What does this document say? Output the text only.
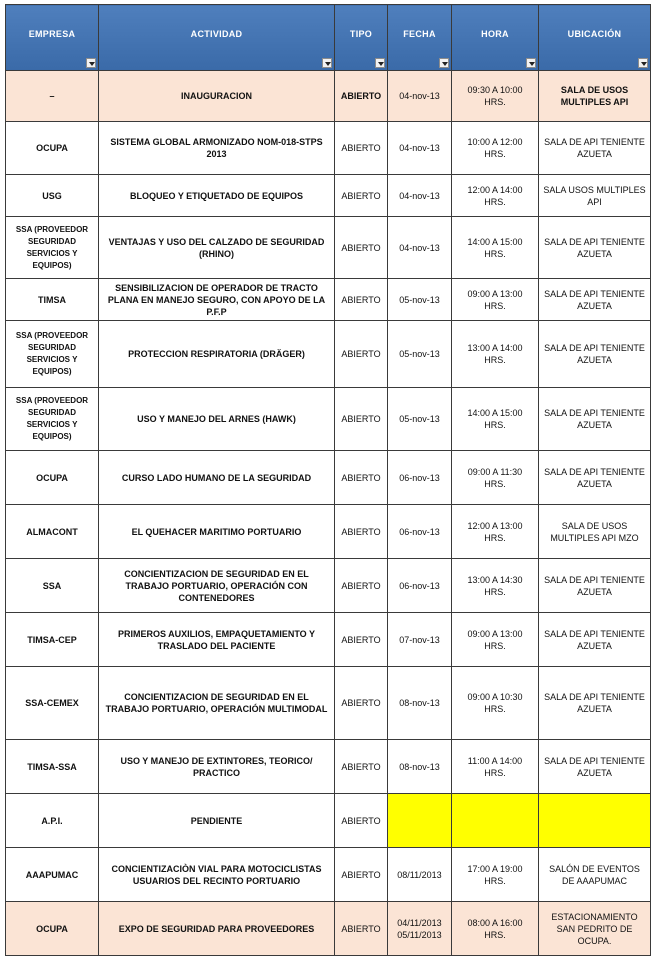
EMPRESA	ACTIVIDAD	TIPO	FECHA	HORA	UBICACIÓN

–	INAUGURACION	ABIERTO	04-nov-13	09:30 A 10:00 HRS.	SALA DE USOS MULTIPLES API
OCUPA	SISTEMA GLOBAL ARMONIZADO NOM-018-STPS 2013	ABIERTO	04-nov-13	10:00 A 12:00 HRS.	SALA DE API TENIENTE AZUETA
USG	BLOQUEO Y ETIQUETADO DE EQUIPOS	ABIERTO	04-nov-13	12:00 A 14:00 HRS.	SALA USOS MULTIPLES API
SSA (PROVEEDOR SEGURIDAD SERVICIOS Y EQUIPOS)	VENTAJAS Y USO DEL CALZADO DE SEGURIDAD (RHINO)	ABIERTO	04-nov-13	14:00 A 15:00 HRS.	SALA DE API TENIENTE AZUETA
TIMSA	SENSIBILIZACION DE OPERADOR DE TRACTO PLANA EN MANEJO SEGURO, CON APOYO DE LA P.F.P	ABIERTO	05-nov-13	09:00 A 13:00 HRS.	SALA DE API TENIENTE AZUETA
SSA (PROVEEDOR SEGURIDAD SERVICIOS Y EQUIPOS)	PROTECCION RESPIRATORIA (DRÄGER)	ABIERTO	05-nov-13	13:00 A 14:00 HRS.	SALA DE API TENIENTE AZUETA
SSA (PROVEEDOR SEGURIDAD SERVICIOS Y EQUIPOS)	USO Y MANEJO DEL ARNES (HAWK)	ABIERTO	05-nov-13	14:00 A 15:00 HRS.	SALA DE API TENIENTE AZUETA
OCUPA	CURSO LADO HUMANO DE LA SEGURIDAD	ABIERTO	06-nov-13	09:00 A 11:30 HRS.	SALA DE API TENIENTE AZUETA
ALMACONT	EL QUEHACER MARITIMO PORTUARIO	ABIERTO	06-nov-13	12:00 A 13:00 HRS.	SALA DE USOS MULTIPLES API MZO
SSA	CONCIENTIZACION DE SEGURIDAD EN EL TRABAJO PORTUARIO, OPERACIÓN CON CONTENEDORES	ABIERTO	06-nov-13	13:00 A 14:30 HRS.	SALA DE API TENIENTE AZUETA
TIMSA-CEP	PRIMEROS AUXILIOS, EMPAQUETAMIENTO Y TRASLADO DEL PACIENTE	ABIERTO	07-nov-13	09:00 A 13:00 HRS.	SALA DE API TENIENTE AZUETA
SSA-CEMEX	CONCIENTIZACION DE SEGURIDAD EN EL TRABAJO PORTUARIO, OPERACIÓN MULTIMODAL	ABIERTO	08-nov-13	09:00 A 10:30 HRS.	SALA DE API TENIENTE AZUETA
TIMSA-SSA	USO Y MANEJO DE EXTINTORES, TEORICO/ PRACTICO	ABIERTO	08-nov-13	11:00 A 14:00 HRS.	SALA DE API TENIENTE AZUETA
A.P.I.	PENDIENTE	ABIERTO			
AAAPUMAC	CONCIENTIZACIÒN VIAL PARA MOTOCICLISTAS USUARIOS DEL RECINTO PORTUARIO	ABIERTO	08/11/2013	17:00 A 19:00 HRS.	SALÓN DE EVENTOS DE AAAPUMAC
OCUPA	EXPO DE SEGURIDAD PARA PROVEEDORES	ABIERTO	04/11/2013 05/11/2013	08:00 A 16:00 HRS.	ESTACIONAMIENTO SAN PEDRITO DE OCUPA.
